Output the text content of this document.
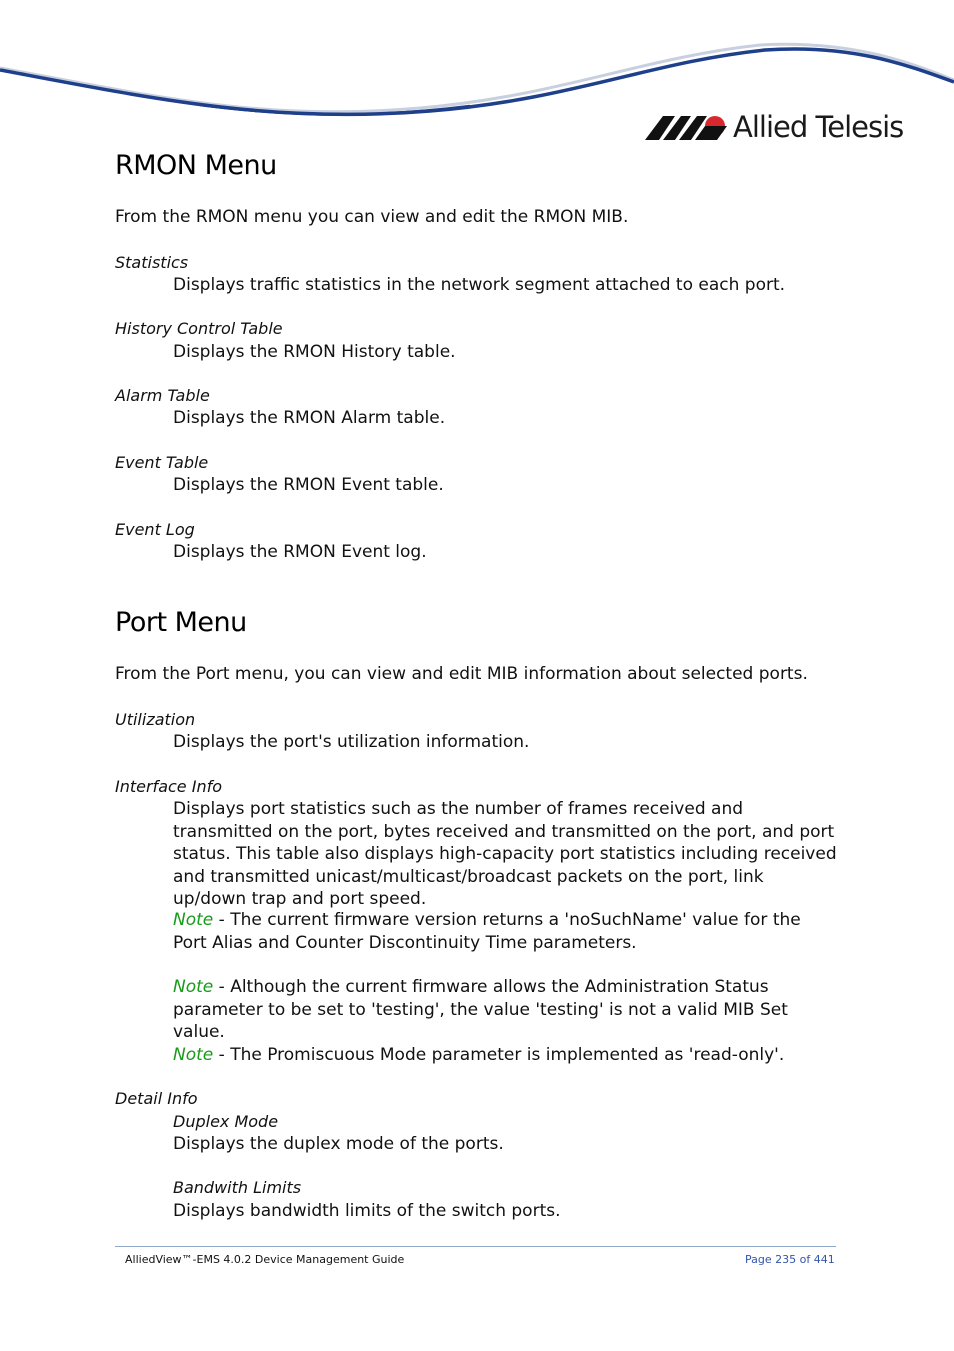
Allied Telesis
RMON Menu

From the RMON menu you can view and edit the RMON MIB.

Statistics

Displays traffic statistics in the network segment attached to each port.

History Control Table

Displays the RMON History table.

Alarm Table

Displays the RMON Alarm table.

Event Table

Displays the RMON Event table.

Event Log

Displays the RMON Event log.

Port Menu

From the Port menu, you can view and edit MIB information about selected ports.

Utilization

Displays the port's utilization information.

Interface Info

Displays port statistics such as the number of frames received and transmitted on the port, bytes received and transmitted on the port, and port status. This table also displays high-capacity port statistics including received and transmitted unicast/multicast/broadcast packets on the port, link up/down trap and port speed.

Note - The current firmware version returns a 'noSuchName' value for the Port Alias and Counter Discontinuity Time parameters.

Note - Although the current firmware allows the Administration Status parameter to be set to 'testing', the value 'testing' is not a valid MIB Set value.

Note - The Promiscuous Mode parameter is implemented as 'read-only'.

Detail Info

Duplex Mode

Displays the duplex mode of the ports.

Bandwith Limits

Displays bandwidth limits of the switch ports.

AlliedView™-EMS 4.0.2 Device Management Guide	Page 235 of 441
